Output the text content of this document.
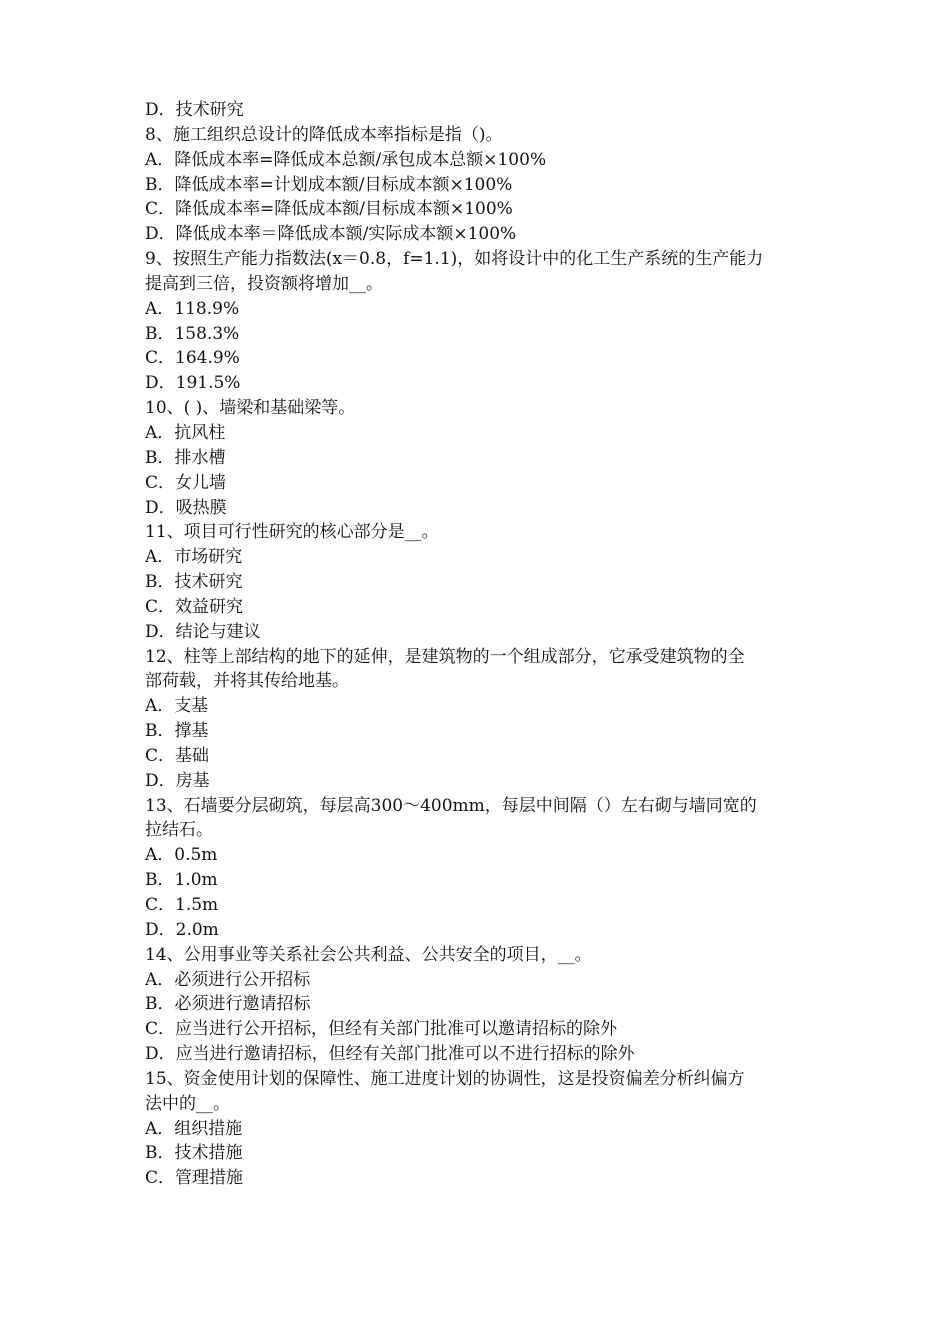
D．技术研究
8、施工组织总设计的降低成本率指标是指（)。
A．降低成本率=降低成本总额/承包成本总额×100%
B．降低成本率=计划成本额/目标成本额×100%
C．降低成本率=降低成本额/目标成本额×100%
D．降低成本率＝降低成本额/实际成本额×100%
9、按照生产能力指数法(x＝0.8，f=1.1)，如将设计中的化工生产系统的生产能力
提高到三倍，投资额将增加__。
A．118.9%
B．158.3%
C．164.9%
D．191.5%
10、( )、墙梁和基础梁等。
A．抗风柱
B．排水槽
C．女儿墙
D．吸热膜
11、项目可行性研究的核心部分是__。
A．市场研究
B．技术研究
C．效益研究
D．结论与建议
12、柱等上部结构的地下的延伸，是建筑物的一个组成部分，它承受建筑物的全
部荷载，并将其传给地基。
A．支基
B．撑基
C．基础
D．房基
13、石墙要分层砌筑，每层高300～400mm，每层中间隔（）左右砌与墙同宽的
拉结石。
A．0.5m
B．1.0m
C．1.5m
D．2.0m
14、公用事业等关系社会公共利益、公共安全的项目，__。
A．必须进行公开招标
B．必须进行邀请招标
C．应当进行公开招标，但经有关部门批准可以邀请招标的除外
D．应当进行邀请招标，但经有关部门批准可以不进行招标的除外
15、资金使用计划的保障性、施工进度计划的协调性，这是投资偏差分析纠偏方
法中的__。
A．组织措施
B．技术措施
C．管理措施
